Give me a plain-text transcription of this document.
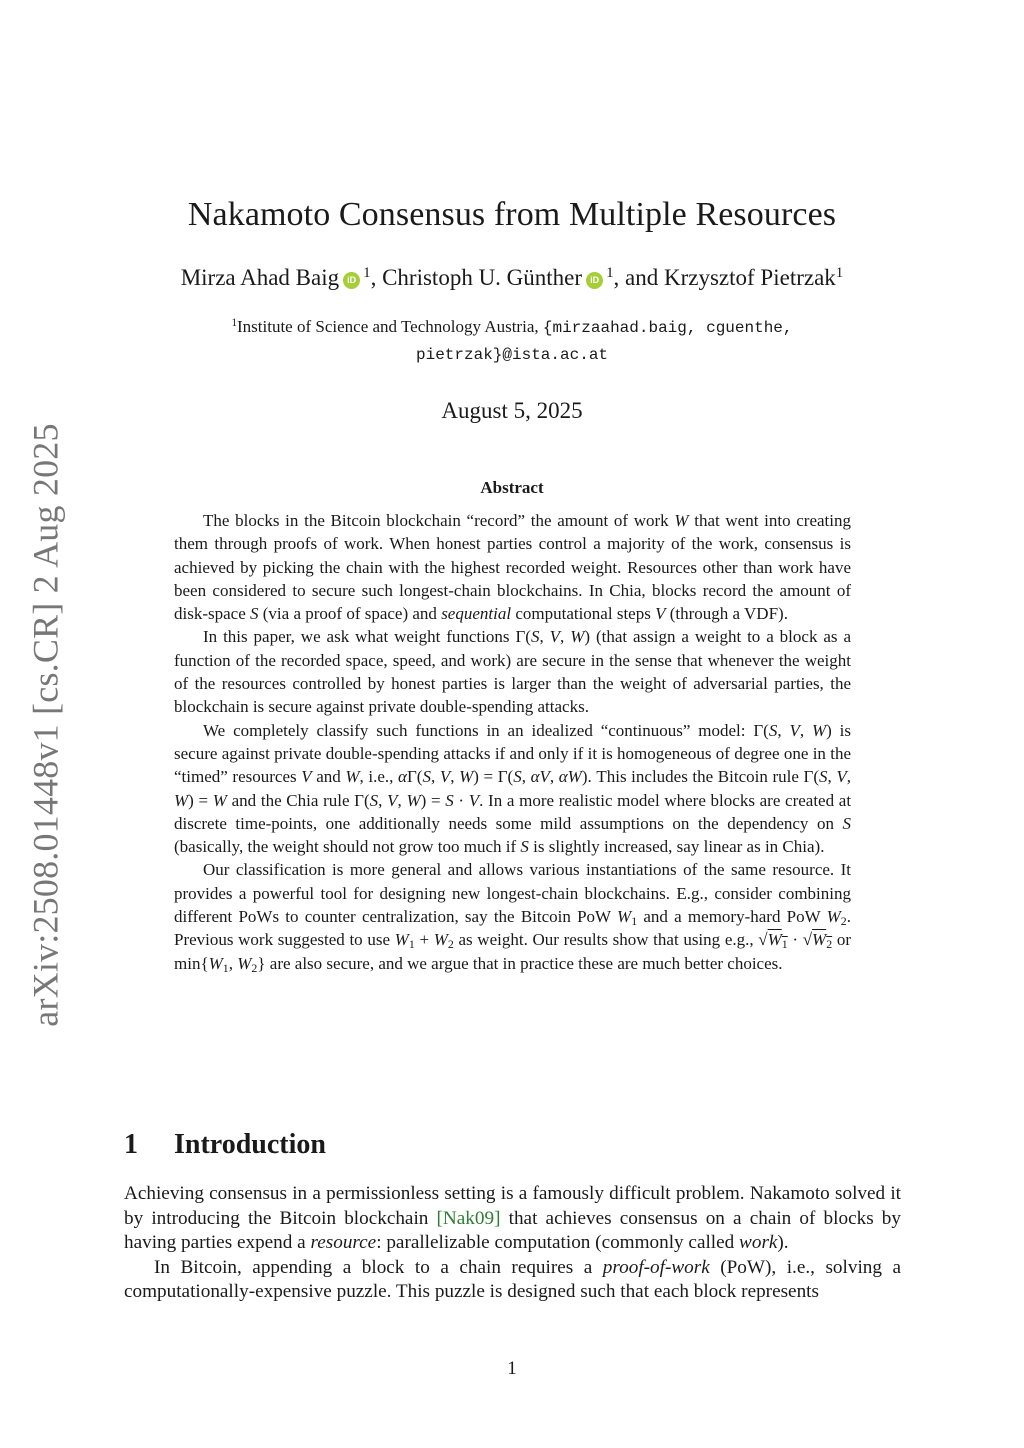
arXiv:2508.01448v1 [cs.CR] 2 Aug 2025
Nakamoto Consensus from Multiple Resources
Mirza Ahad Baig iD $^1$, Christoph U. Günther iD $^1$, and Krzysztof Pietrzak$^1$
$^1$Institute of Science and Technology Austria, {mirzaahad.baig, cguenthe,
pietrzak}@ista.ac.at
August 5, 2025
Abstract

The blocks in the Bitcoin blockchain “record” the amount of work W that went into creating them through proofs of work. When honest parties control a majority of the work, consensus is achieved by picking the chain with the highest recorded weight. Resources other than work have been considered to secure such longest-chain blockchains. In Chia, blocks record the amount of disk-space S (via a proof of space) and sequential computational steps V (through a VDF).

In this paper, we ask what weight functions Γ(S, V, W) (that assign a weight to a block as a function of the recorded space, speed, and work) are secure in the sense that whenever the weight of the resources controlled by honest parties is larger than the weight of adversarial parties, the blockchain is secure against private double-spending attacks.

We completely classify such functions in an idealized “continuous” model: Γ(S, V, W) is secure against private double-spending attacks if and only if it is homogeneous of degree one in the “timed” resources V and W, i.e., αΓ(S, V, W) = Γ(S, αV, αW). This includes the Bitcoin rule Γ(S, V, W) = W and the Chia rule Γ(S, V, W) = S · V. In a more realistic model where blocks are created at discrete time-points, one additionally needs some mild assumptions on the dependency on S (basically, the weight should not grow too much if S is slightly increased, say linear as in Chia).

Our classification is more general and allows various instantiations of the same resource. It provides a powerful tool for designing new longest-chain blockchains. E.g., consider combining different PoWs to counter centralization, say the Bitcoin PoW $W_1$ and a memory-hard PoW $W_2$. Previous work suggested to use $W_1 + W_2$ as weight. Our results show that using e.g., $√W_1 \cdot √W_2$ or $\min\{W_1$, $W_2$} are also secure, and we argue that in practice these are much better choices.

1 Introduction

Achieving consensus in a permissionless setting is a famously difficult problem. Nakamoto solved it by introducing the Bitcoin blockchain [Nak09] that achieves consensus on a chain of blocks by having parties expend a resource: parallelizable computation (commonly called work).

In Bitcoin, appending a block to a chain requires a proof-of-work (PoW), i.e., solving a computationally-expensive puzzle. This puzzle is designed such that each block represents

1
